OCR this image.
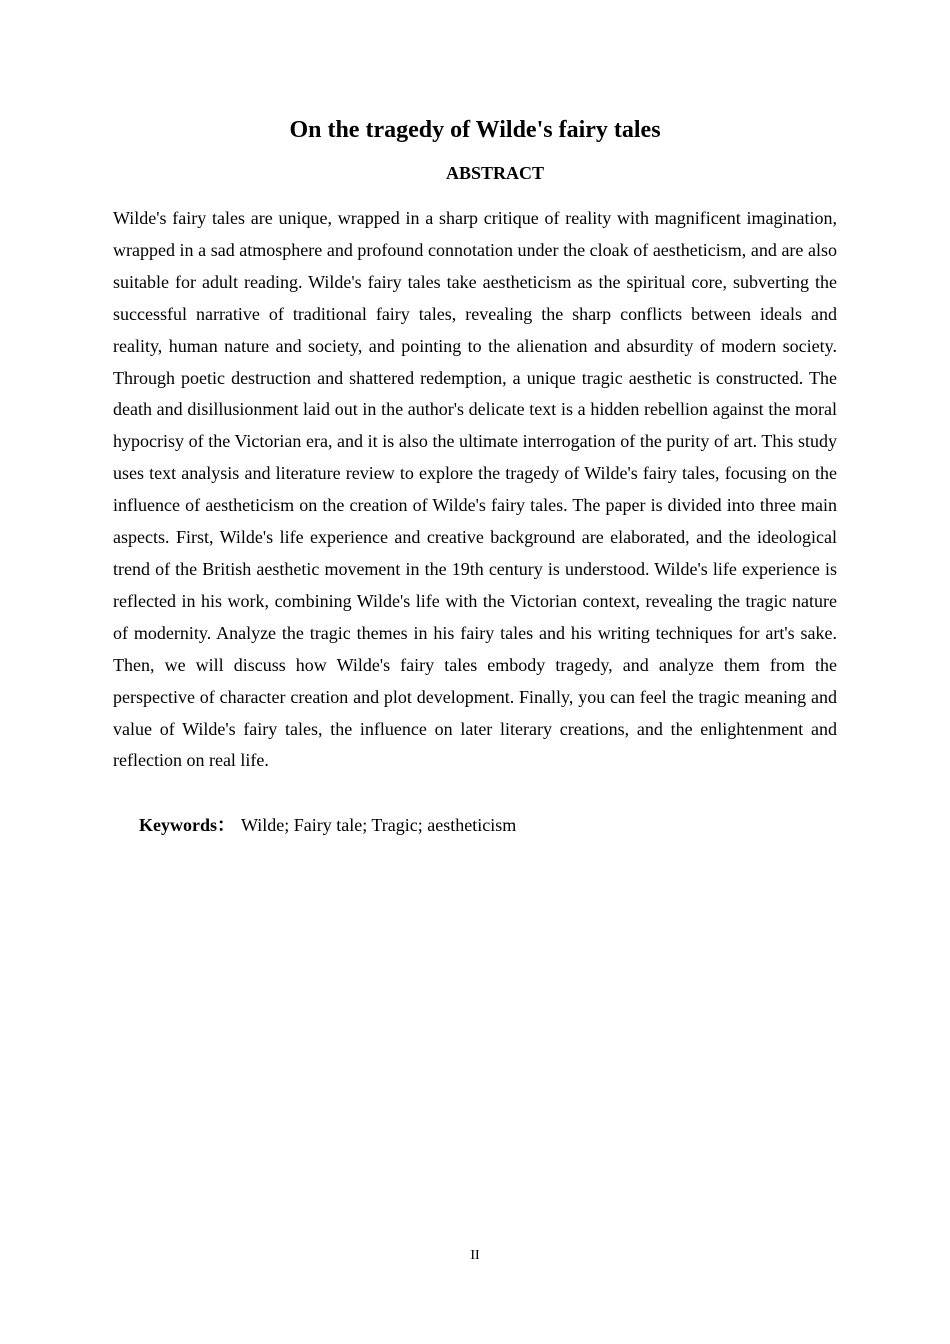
On the tragedy of Wilde's fairy tales
ABSTRACT

Wilde's fairy tales are unique, wrapped in a sharp critique of reality with magnificent imagination, wrapped in a sad atmosphere and profound connotation under the cloak of aestheticism, and are also suitable for adult reading. Wilde's fairy tales take aestheticism as the spiritual core, subverting the successful narrative of traditional fairy tales, revealing the sharp conflicts between ideals and reality, human nature and society, and pointing to the alienation and absurdity of modern society. Through poetic destruction and shattered redemption, a unique tragic aesthetic is constructed. The death and disillusionment laid out in the author's delicate text is a hidden rebellion against the moral hypocrisy of the Victorian era, and it is also the ultimate interrogation of the purity of art. This study uses text analysis and literature review to explore the tragedy of Wilde's fairy tales, focusing on the influence of aestheticism on the creation of Wilde's fairy tales. The paper is divided into three main aspects. First, Wilde's life experience and creative background are elaborated, and the ideological trend of the British aesthetic movement in the 19th century is understood. Wilde's life experience is reflected in his work, combining Wilde's life with the Victorian context, revealing the tragic nature of modernity. Analyze the tragic themes in his fairy tales and his writing techniques for art's sake. Then, we will discuss how Wilde's fairy tales embody tragedy, and analyze them from the perspective of character creation and plot development. Finally, you can feel the tragic meaning and value of Wilde's fairy tales, the influence on later literary creations, and the enlightenment and reflection on real life.

Keywords： Wilde; Fairy tale; Tragic; aestheticism

II
